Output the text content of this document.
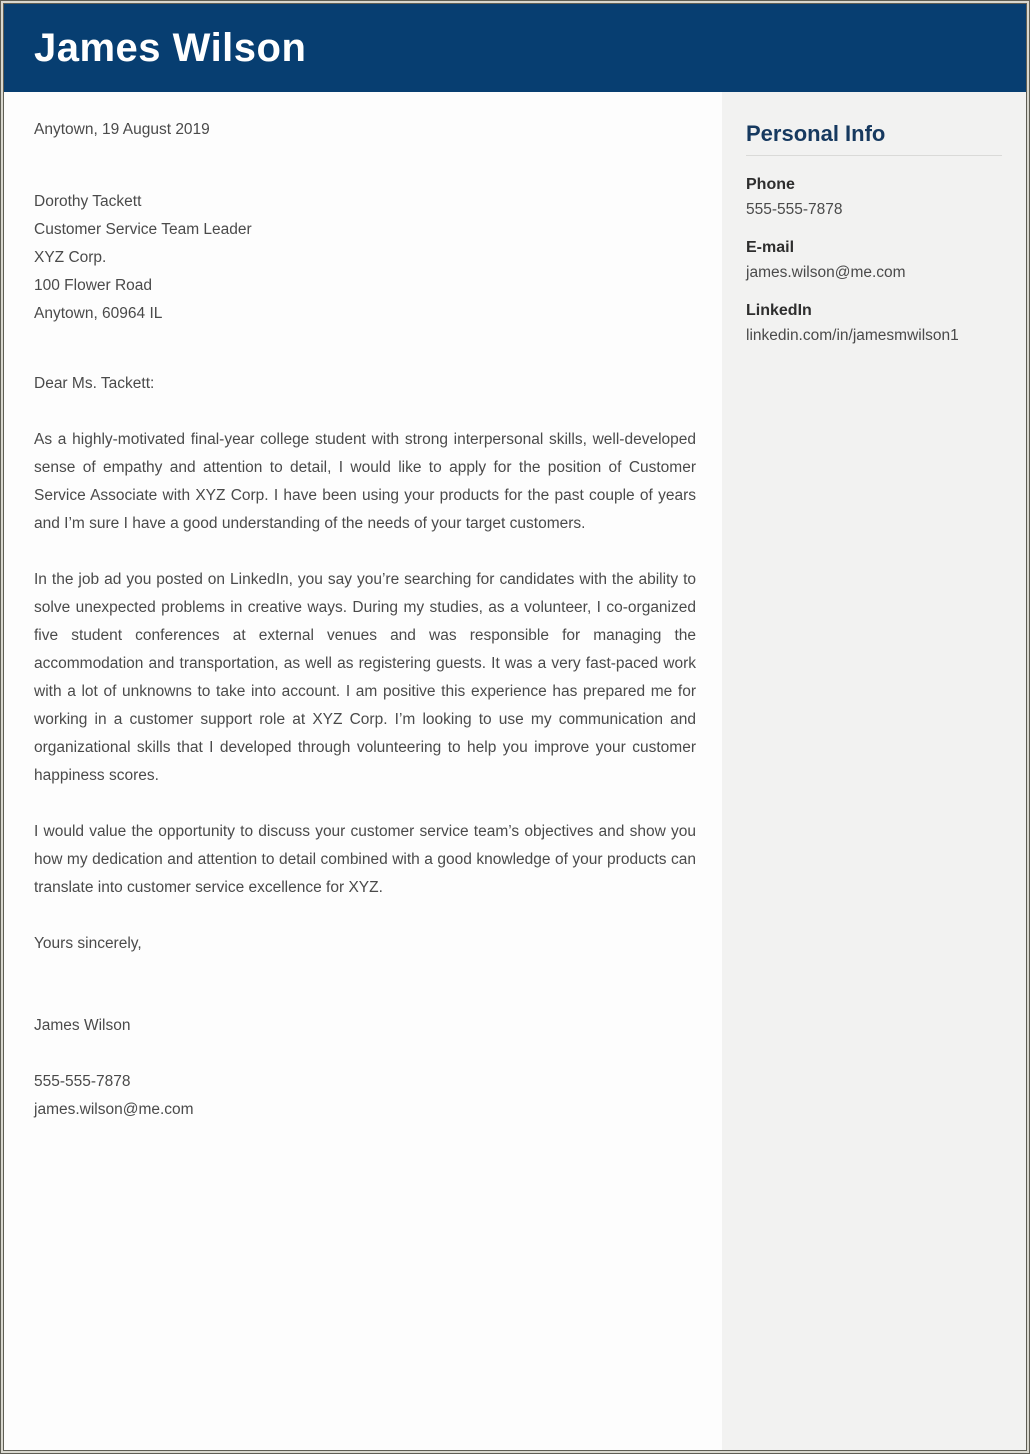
James Wilson

Anytown, 19 August 2019

Dorothy Tackett

Customer Service Team Leader

XYZ Corp.

100 Flower Road

Anytown, 60964 IL

Dear Ms. Tackett:

As a highly-motivated final-year college student with strong interpersonal skills, well-developed sense of empathy and attention to detail, I would like to apply for the position of Customer Service Associate with XYZ Corp. I have been using your products for the past couple of years and I’m sure I have a good understanding of the needs of your target customers.

In the job ad you posted on LinkedIn, you say you’re searching for candidates with the ability to solve unexpected problems in creative ways. During my studies, as a volunteer, I co-organized five student conferences at external venues and was responsible for managing the accommodation and transportation, as well as registering guests. It was a very fast-paced work with a lot of unknowns to take into account. I am positive this experience has prepared me for working in a customer support role at XYZ Corp. I’m looking to use my communication and organizational skills that I developed through volunteering to help you improve your customer happiness scores.

I would value the opportunity to discuss your customer service team’s objectives and show you how my dedication and attention to detail combined with a good knowledge of your products can translate into customer service excellence for XYZ.

Yours sincerely,

James Wilson

555-555-7878

james.wilson@me.com

Personal Info
Phone
555-555-7878
E-mail
james.wilson@me.com
LinkedIn
linkedin.com/in/jamesmwilson1
